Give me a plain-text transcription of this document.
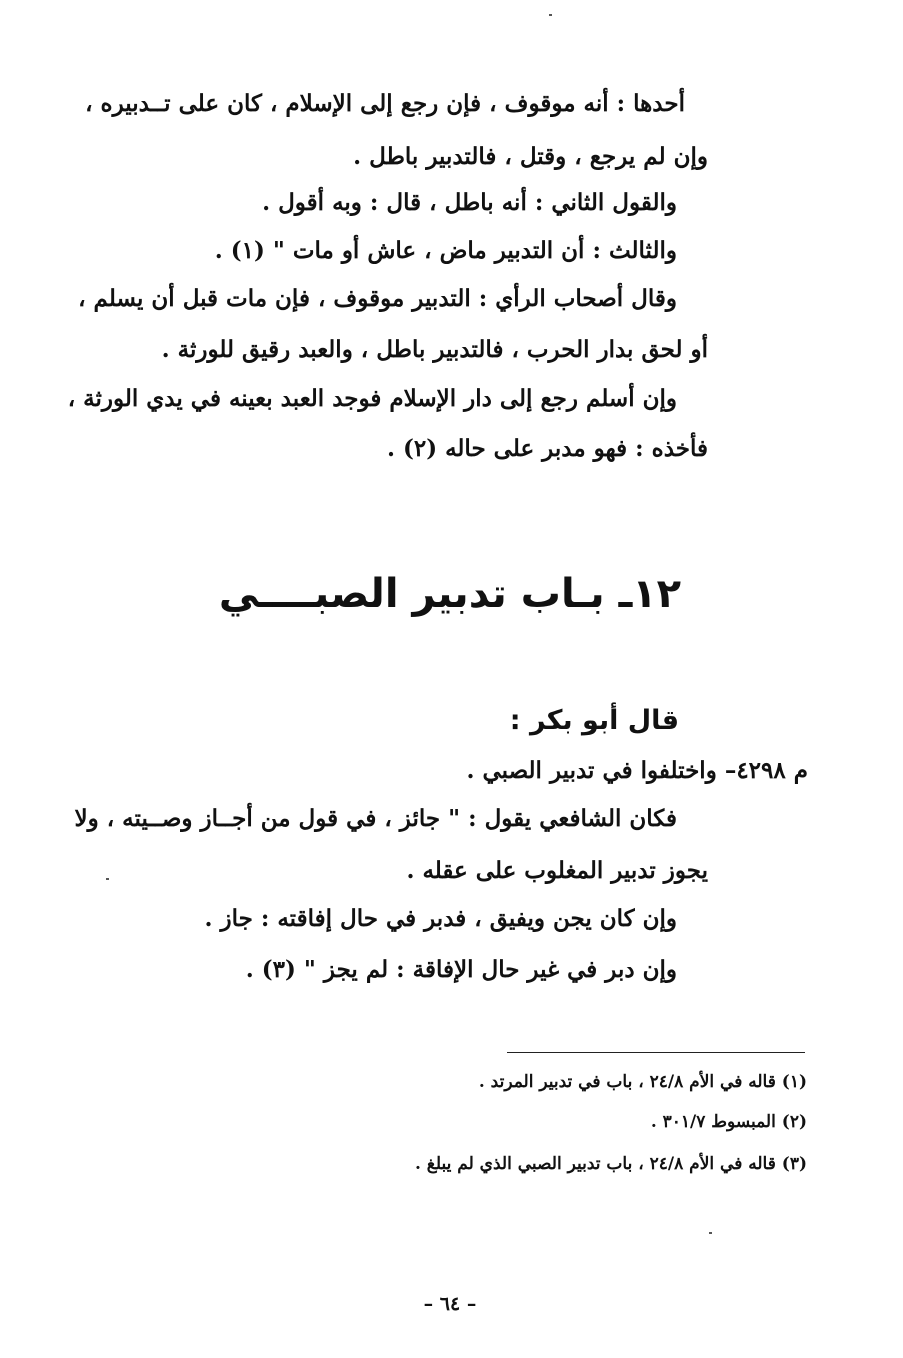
أحدها : أنه موقوف ، فإن رجع إلى الإسلام ، كان على تــدبيره ،
وإن لم يرجع ، وقتل ، فالتدبير باطل .
والقول الثاني : أنه باطل ، قال : وبه أقول .
والثالث : أن التدبير ماض ، عاش أو مات " (١) .
وقال أصحاب الرأي : التدبير موقوف ، فإن مات قبل أن يسلم ،
أو لحق بدار الحرب ، فالتدبير باطل ، والعبد رقيق للورثة .
وإن أسلم رجع إلى دار الإسلام فوجد العبد بعينه في يدي الورثة ،
فأخذه : فهو مدبر على حاله (٢) .
١٢ـ بـاب تدبير الصبــــي
قال أبو بكر :
م ٤٢٩٨– واختلفوا في تدبير الصبي .
فكان الشافعي يقول : " جائز ، في قول من أجــاز وصــيته ، ولا
يجوز تدبير المغلوب على عقله .
وإن كان يجن ويفيق ، فدبر في حال إفاقته : جاز .
وإن دبر في غير حال الإفاقة : لم يجز " (٣) .
(١) قاله في الأم ٢٤/٨ ، باب في تدبير المرتد .
(٢) المبسوط ٣٠١/٧ .
(٣) قاله في الأم ٢٤/٨ ، باب تدبير الصبي الذي لم يبلغ .
– ٦٤ –
